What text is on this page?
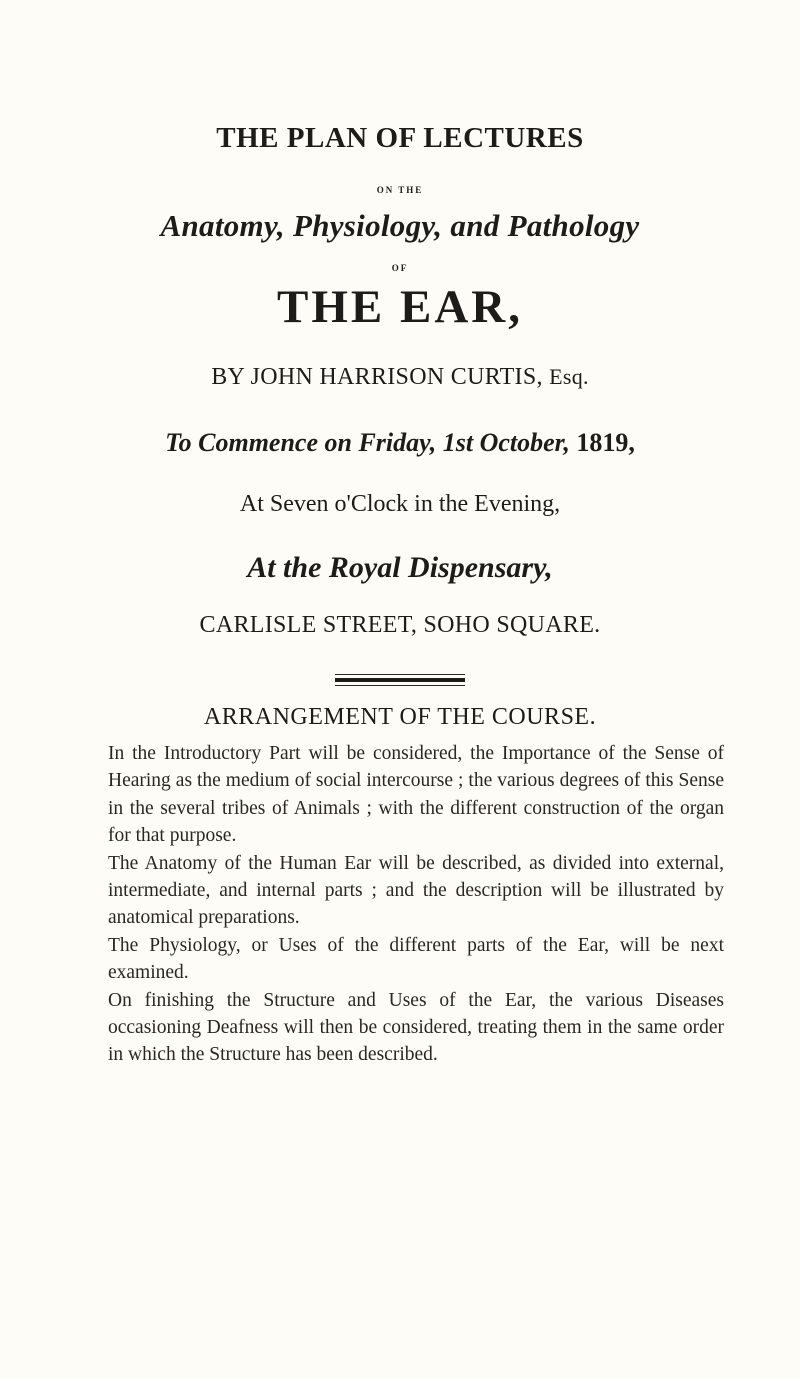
THE PLAN OF LECTURES
ON THE
Anatomy, Physiology, and Pathology
OF
THE EAR,
BY JOHN HARRISON CURTIS, Esq.
To Commence on Friday, 1st October, 1819,
At Seven o'Clock in the Evening,
At the Royal Dispensary,
CARLISLE STREET, SOHO SQUARE.
ARRANGEMENT OF THE COURSE.

In the Introductory Part will be considered, the Importance of the Sense of Hearing as the medium of social intercourse ; the various degrees of this Sense in the several tribes of Animals ; with the different construction of the organ for that purpose.

The Anatomy of the Human Ear will be described, as divided into external, intermediate, and internal parts ; and the description will be illustrated by anatomical preparations.

The Physiology, or Uses of the different parts of the Ear, will be next examined.

On finishing the Structure and Uses of the Ear, the various Diseases occasioning Deafness will then be considered, treating them in the same order in which the Structure has been described.
